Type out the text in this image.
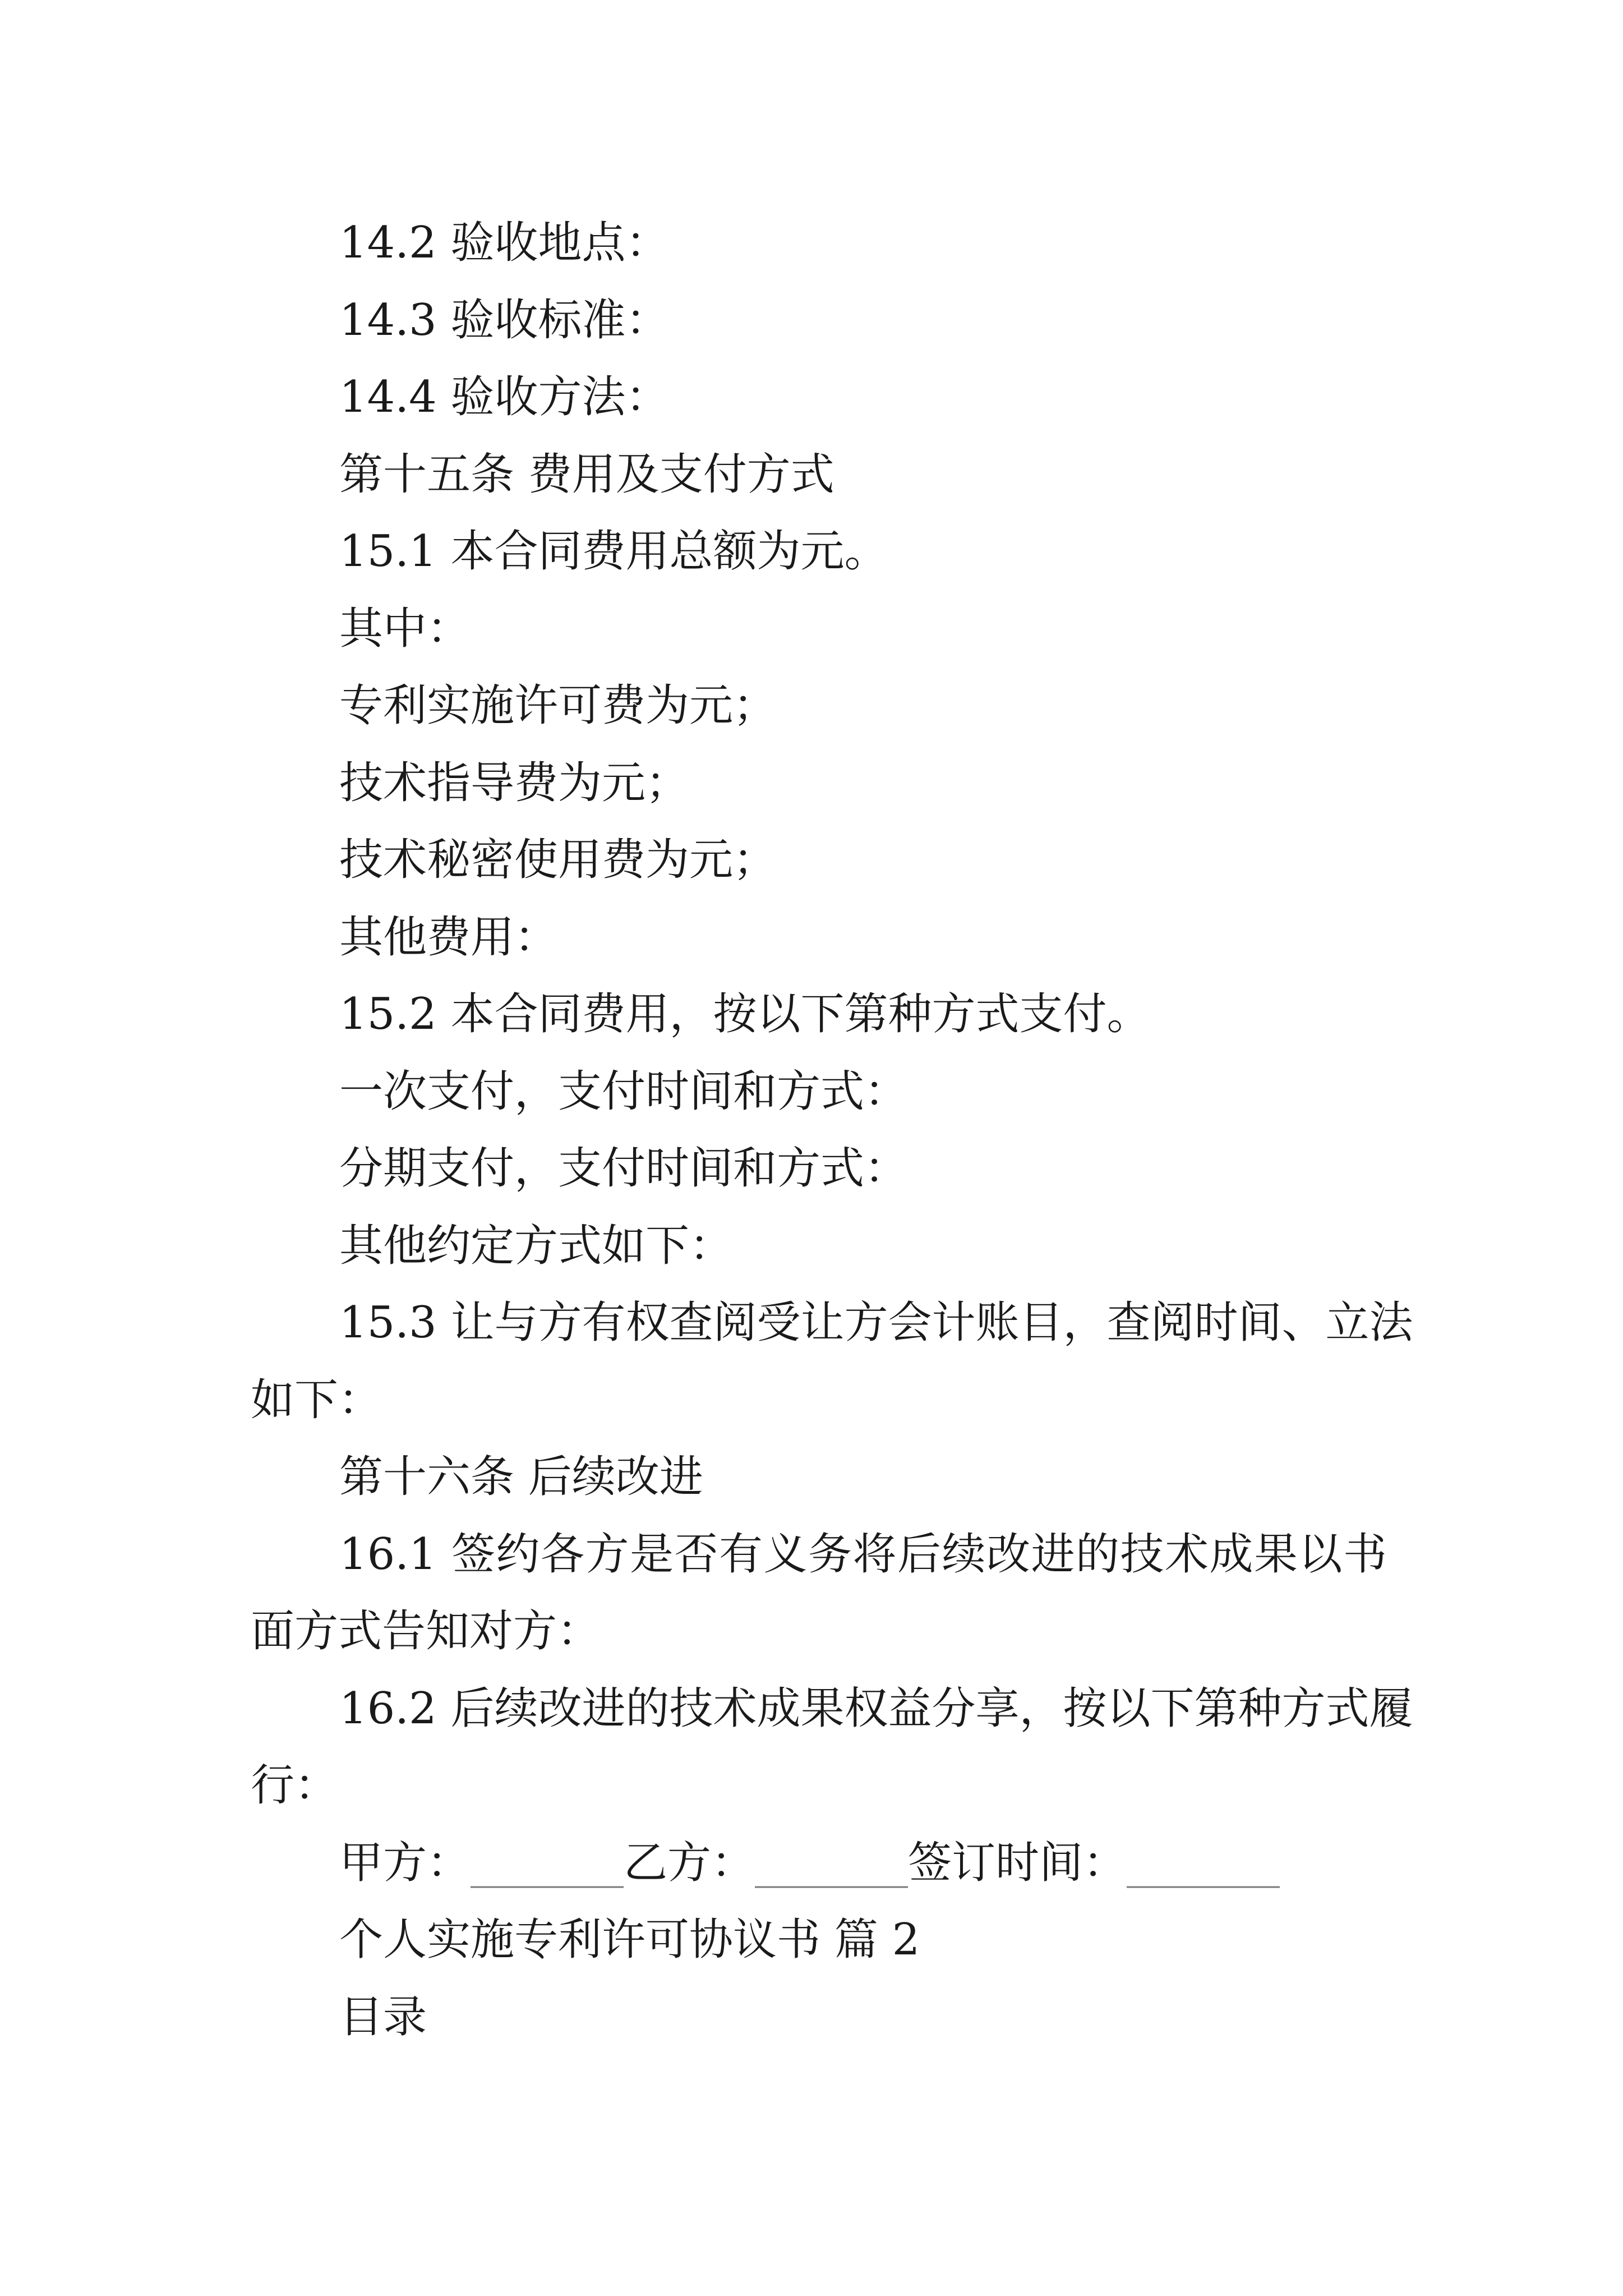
14.2 验收地点：
14.3 验收标准：
14.4 验收方法：
第十五条 费用及支付方式
15.1 本合同费用总额为元。
其中：
专利实施许可费为元；
技术指导费为元；
技术秘密使用费为元；
其他费用：
15.2 本合同费用，按以下第种方式支付。
一次支付，支付时间和方式：
分期支付，支付时间和方式：
其他约定方式如下：
15.3 让与方有权查阅受让方会计账目，查阅时间、立法
如下：
第十六条 后续改进
16.1 签约各方是否有义务将后续改进的技术成果以书
面方式告知对方：
16.2 后续改进的技术成果权益分享，按以下第种方式履
行：
甲方：_______乙方：_______签订时间：_______
个人实施专利许可协议书 篇 2
目录
